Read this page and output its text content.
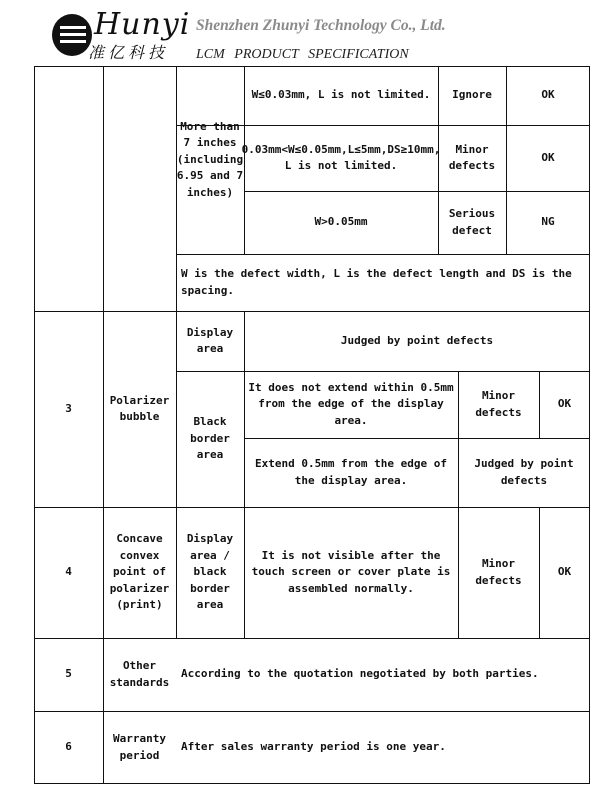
Hunyi
准亿科技
Shenzhen Zhunyi Technology Co., Ltd.
LCM PRODUCT SPECIFICATION
More than 7 inches (including 6.95 and 7 inches)
W≤0.03mm, L is not limited. Ignore	OK
0.03mm<W≤0.05mm,L≤5mm,DS≥10mm, L is not limited.
Minor defects
OK
W>0.05mm
Serious defect
NG
W is the defect width, L is the defect length and DS is the spacing.
3
Polarizer bubble
Display area
Judged by point defects
Black border area
It does not extend within 0.5mm from the edge of the display area.
Minor defects
OK
Extend 0.5mm from the edge of the display area.
Judged by point defects
4
Concave convex point of polarizer (print)
Display area / black border area
It is not visible after the touch screen or cover plate is assembled normally.
Minor defects
OK
5
Other standards
According to the quotation negotiated by both parties.
6
Warranty period
After sales warranty period is one year.
